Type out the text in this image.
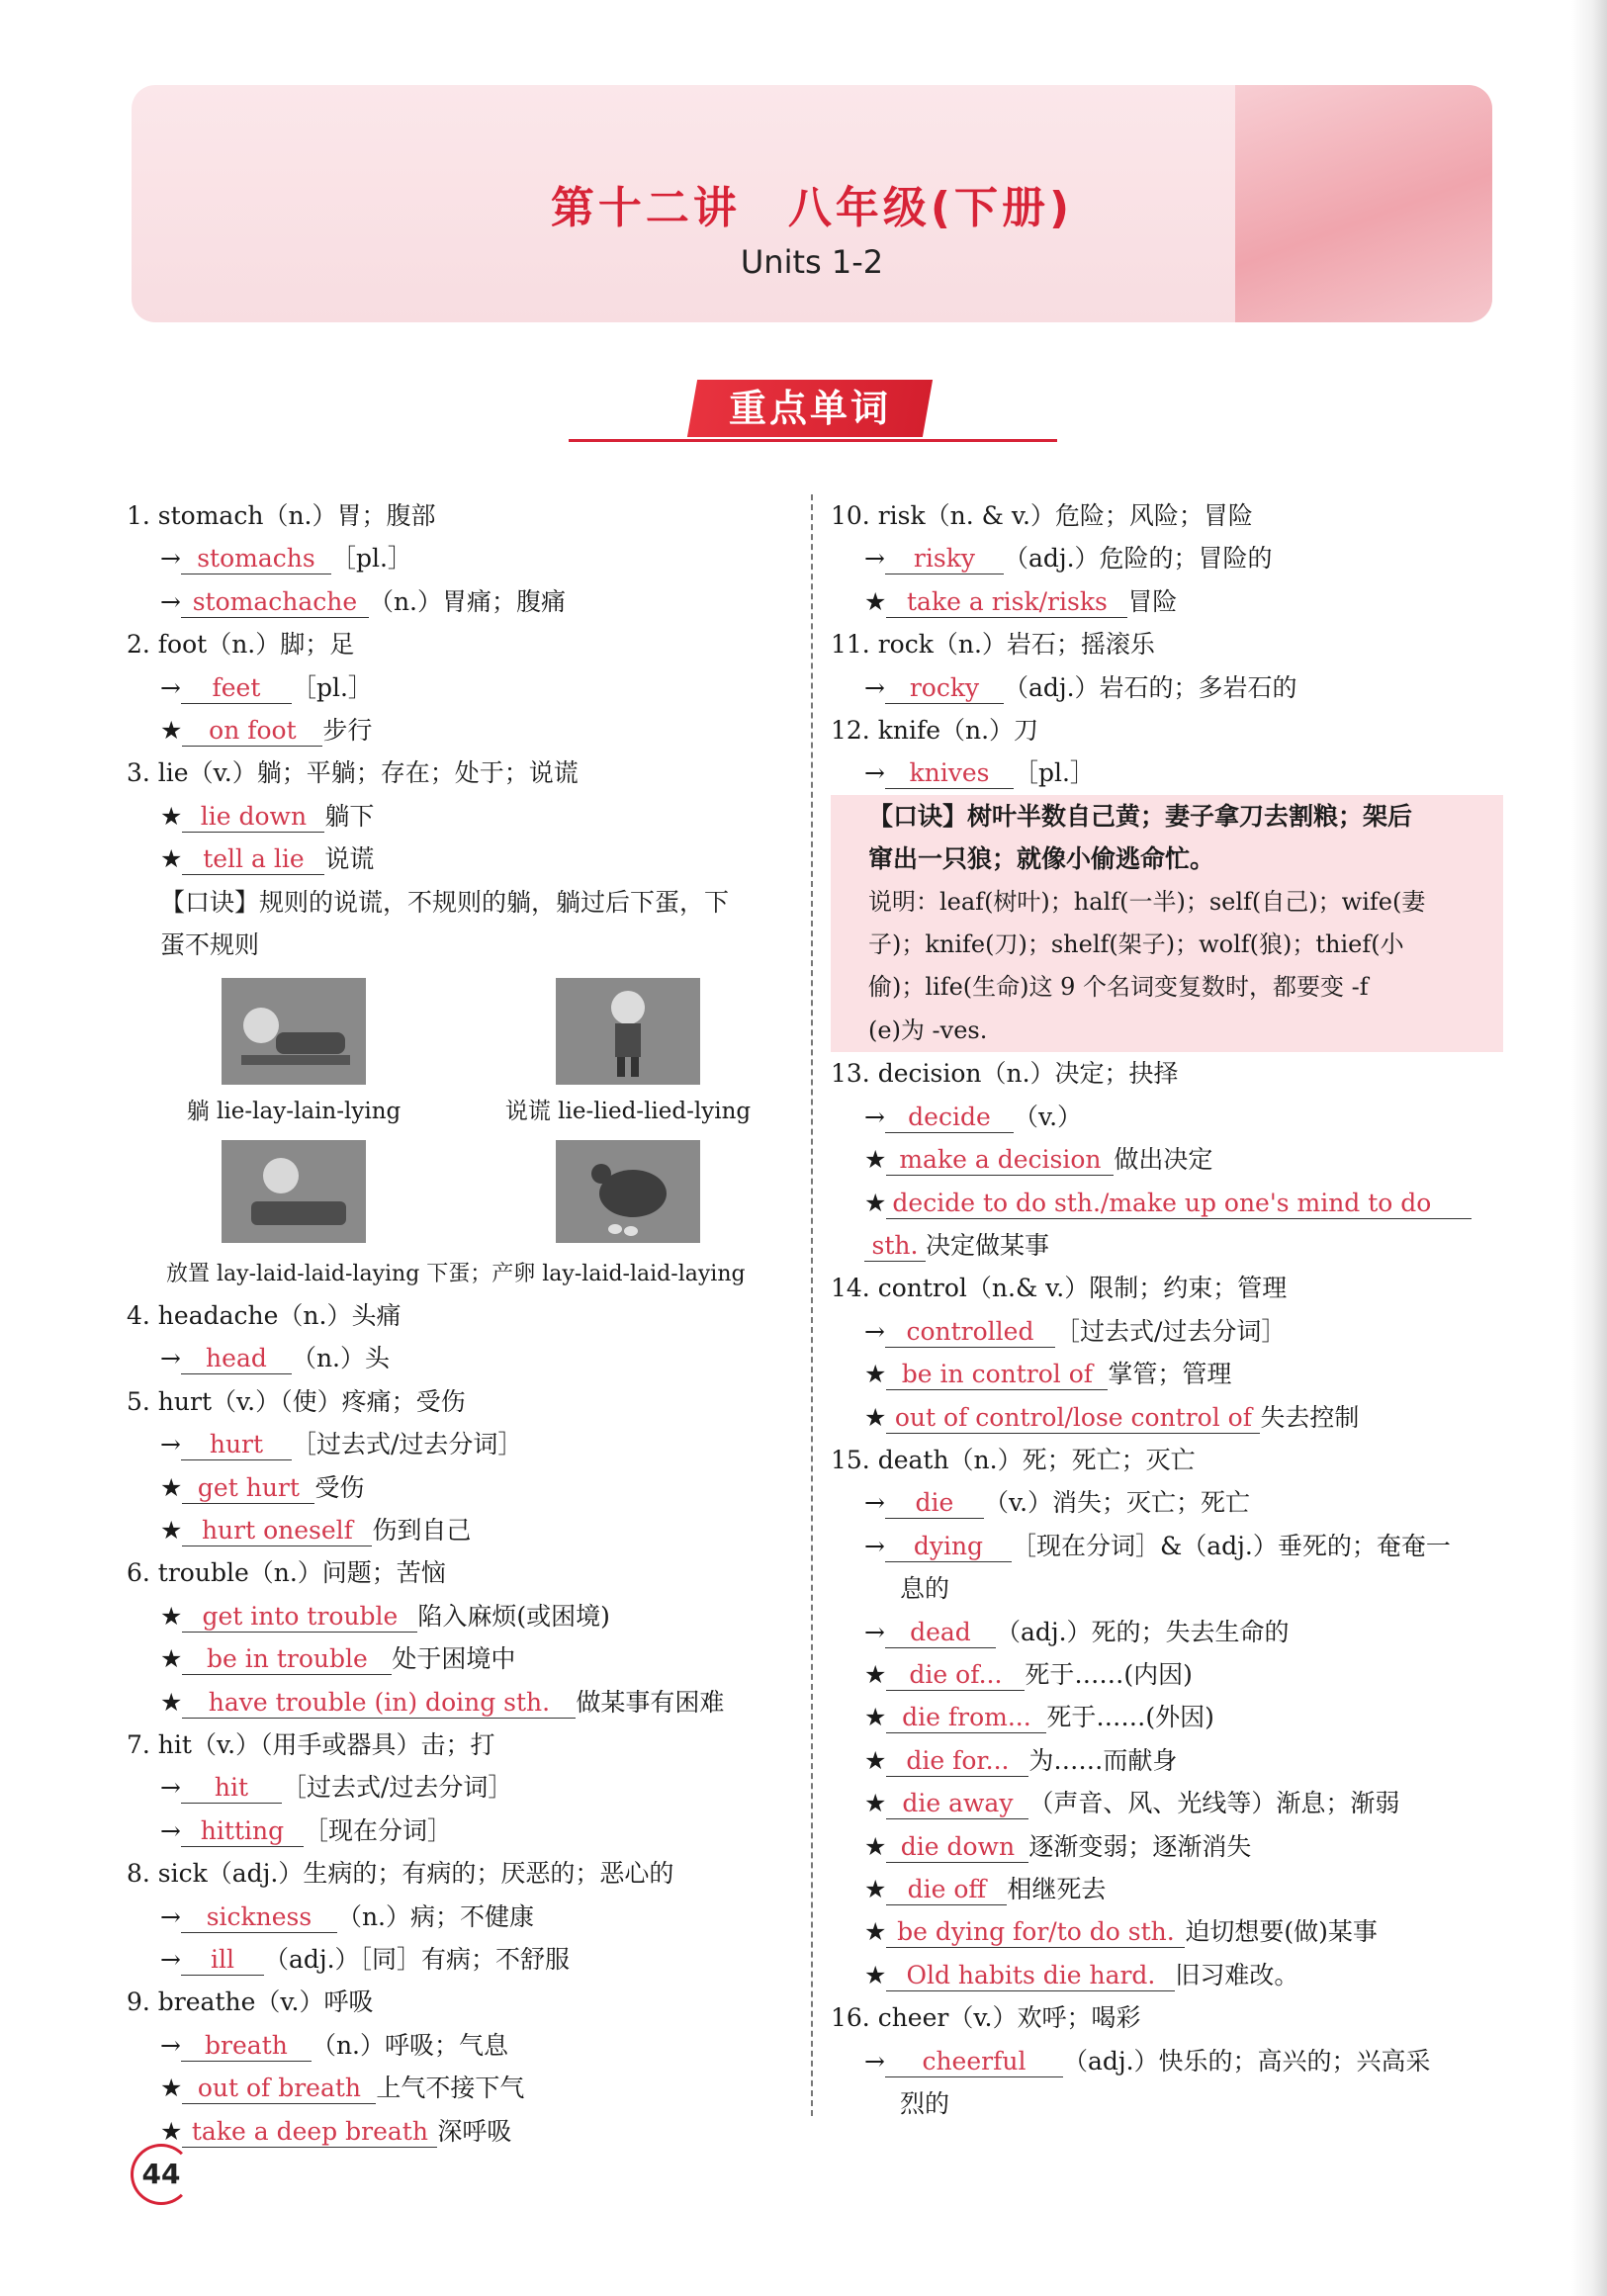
第十二讲　八年级(下册)
Units 1-2
重点单词
1. stomach（n.）胃；腹部
→ stomachs ［pl.］
→ stomachache （n.）胃痛；腹痛
2. foot（n.）脚；足
→ feet ［pl.］
★ on foot 步行
3. lie（v.）躺；平躺；存在；处于；说谎
★ lie down 躺下
★ tell a lie 说谎
【口诀】规则的说谎，不规则的躺，躺过后下蛋，下
蛋不规则
躺 lie-lay-lain-lying	说谎 lie-lied-lied-lying
放置 lay-laid-laid-laying 下蛋；产卵 lay-laid-laid-laying
4. headache（n.）头痛
→ head （n.）头
5. hurt（v.）（使）疼痛；受伤
→ hurt ［过去式/过去分词］
★ get hurt 受伤
★ hurt oneself 伤到自己
6. trouble（n.）问题；苦恼
★ get into trouble 陷入麻烦(或困境)
★ be in trouble 处于困境中
★ have trouble (in) doing sth. 做某事有困难
7. hit（v.）（用手或器具）击；打
→ hit ［过去式/过去分词］
→ hitting ［现在分词］
8. sick（adj.）生病的；有病的；厌恶的；恶心的
→ sickness （n.）病；不健康
→ ill （adj.）［同］有病；不舒服
9. breathe（v.）呼吸
→ breath （n.）呼吸；气息
★ out of breath 上气不接下气
★ take a deep breath 深呼吸
10. risk（n. & v.）危险；风险；冒险
→ risky （adj.）危险的；冒险的
★ take a risk/risks 冒险
11. rock（n.）岩石；摇滚乐
→ rocky （adj.）岩石的；多岩石的
12. knife（n.）刀
→ knives ［pl.］
【口诀】树叶半数自己黄；妻子拿刀去割粮；架后
窜出一只狼；就像小偷逃命忙。
说明：leaf(树叶)；half(一半)；self(自己)；wife(妻
子)；knife(刀)；shelf(架子)；wolf(狼)；thief(小
偷)；life(生命)这 9 个名词变复数时，都要变 -f
(e)为 -ves.
13. decision（n.）决定；抉择
→ decide （v.）
★ make a decision 做出决定
★ decide to do sth./make up one's mind to do
sth. 决定做某事
14. control（n.& v.）限制；约束；管理
→ controlled ［过去式/过去分词］
★ be in control of 掌管；管理
★ out of control/lose control of 失去控制
15. death（n.）死；死亡；灭亡
→ die （v.）消失；灭亡；死亡
→ dying ［现在分词］&（adj.）垂死的；奄奄一
息的
→ dead （adj.）死的；失去生命的
★ die of... 死于……(内因)
★ die from... 死于……(外因)
★ die for... 为……而献身
★ die away （声音、风、光线等）渐息；渐弱
★ die down 逐渐变弱；逐渐消失
★ die off 相继死去
★ be dying for/to do sth. 迫切想要(做)某事
★ Old habits die hard. 旧习难改。
16. cheer（v.）欢呼；喝彩
→ cheerful （adj.）快乐的；高兴的；兴高采
烈的
44
